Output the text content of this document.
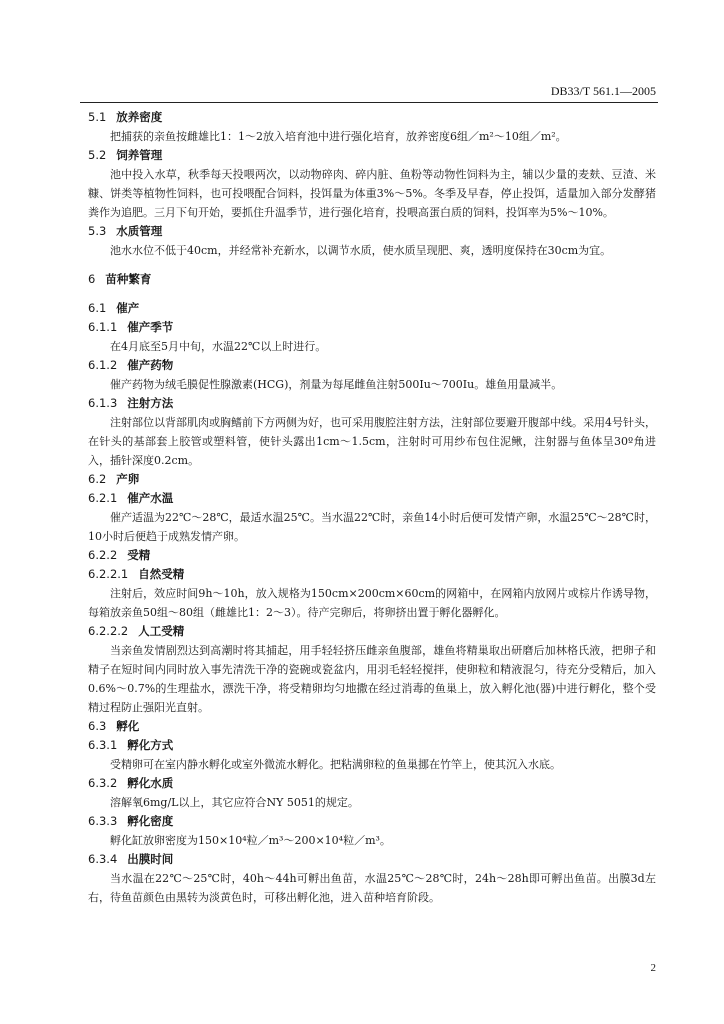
DB33/T 561.1—2005
5.1 放养密度

把捕获的亲鱼按雌雄比1：1～2放入培育池中进行强化培育，放养密度6组／m²～10组／m²。

5.2 饲养管理

池中投入水草，秋季每天投喂两次，以动物碎肉、碎内脏、鱼粉等动物性饲料为主，辅以少量的麦麸、豆渣、米糠、饼类等植物性饲料，也可投喂配合饲料，投饵量为体重3%～5%。冬季及早春，停止投饵，适量加入部分发酵猪粪作为追肥。三月下旬开始，要抓住升温季节，进行强化培育，投喂高蛋白质的饲料，投饵率为5%～10%。

5.3 水质管理

池水水位不低于40cm，并经常补充新水，以调节水质，使水质呈现肥、爽，透明度保持在30cm为宜。

6 苗种繁育
6.1 催产
6.1.1 催产季节

在4月底至5月中旬，水温22℃以上时进行。

6.1.2 催产药物

催产药物为绒毛膜促性腺激素(HCG)，剂量为每尾雌鱼注射500Iu～700Iu。雄鱼用量减半。

6.1.3 注射方法

注射部位以背部肌肉或胸鳍前下方两侧为好，也可采用腹腔注射方法，注射部位要避开腹部中线。采用4号针头，在针头的基部套上胶管或塑料管，使针头露出1cm～1.5cm，注射时可用纱布包住泥鳅，注射器与鱼体呈30º角进入，插针深度0.2cm。

6.2 产卵
6.2.1 催产水温

催产适温为22℃～28℃，最适水温25℃。当水温22℃时，亲鱼14小时后便可发情产卵，水温25℃～28℃时，10小时后便趋于成熟发情产卵。

6.2.2 受精
6.2.2.1 自然受精

注射后，效应时间9h～10h，放入规格为150cm×200cm×60cm的网箱中，在网箱内放网片或棕片作诱导物，每箱放亲鱼50组～80组（雌雄比1：2～3）。待产完卵后，将卵挤出置于孵化器孵化。

6.2.2.2 人工受精

当亲鱼发情剧烈达到高潮时将其捕起，用手轻轻挤压雌亲鱼腹部，雄鱼将精巢取出研磨后加林格氏液，把卵子和精子在短时间内同时放入事先清洗干净的瓷碗或瓷盆内，用羽毛轻轻搅拌，使卵粒和精液混匀，待充分受精后，加入0.6%～0.7%的生理盐水，漂洗干净，将受精卵均匀地撒在经过消毒的鱼巢上，放入孵化池(器)中进行孵化，整个受精过程防止强阳光直射。

6.3 孵化
6.3.1 孵化方式

受精卵可在室内静水孵化或室外微流水孵化。把粘满卵粒的鱼巢挪在竹竿上，使其沉入水底。

6.3.2 孵化水质

溶解氧6mg/L以上，其它应符合NY 5051的规定。

6.3.3 孵化密度

孵化缸放卵密度为150×10⁴粒／m³～200×10⁴粒／m³。

6.3.4 出膜时间

当水温在22℃～25℃时，40h～44h可孵出鱼苗，水温25℃～28℃时，24h～28h即可孵出鱼苗。出膜3d左右，待鱼苗颜色由黑转为淡黄色时，可移出孵化池，进入苗种培育阶段。

2
